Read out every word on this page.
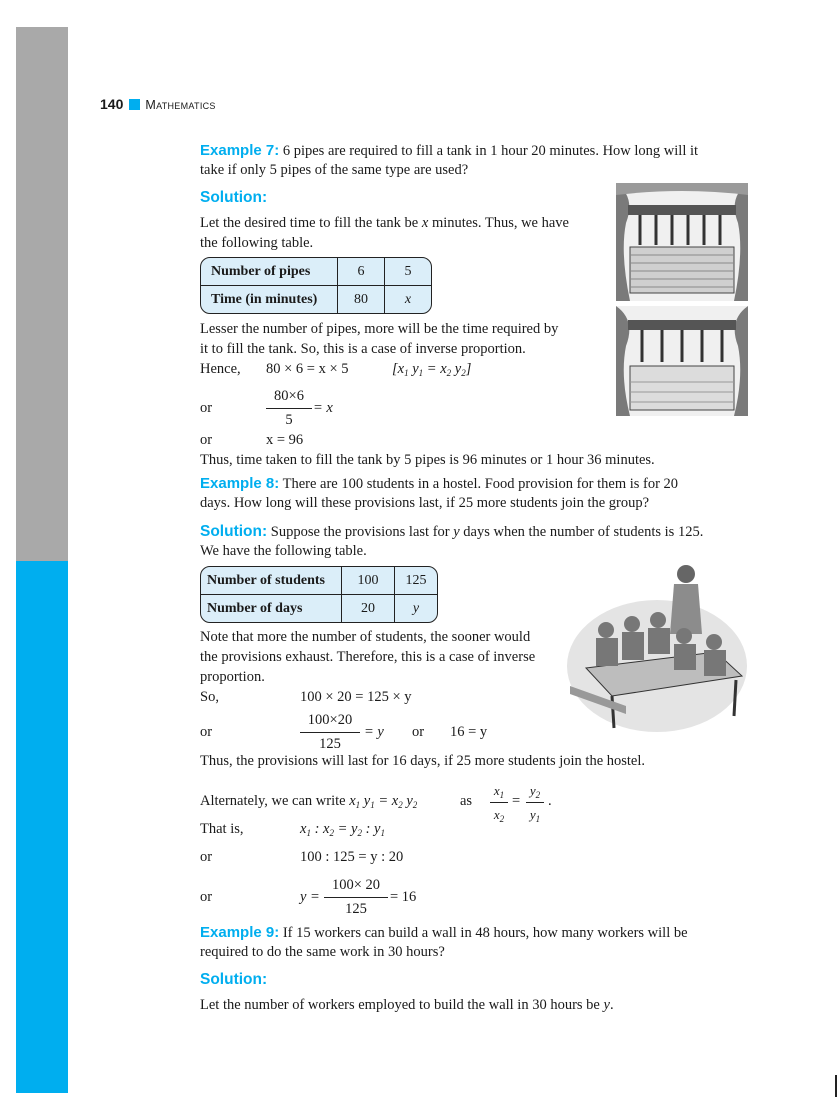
140 Mathematics
Example 7: 6 pipes are required to fill a tank in 1 hour 20 minutes. How long will it
take if only 5 pipes of the same type are used?
Solution:
Let the desired time to fill the tank be x minutes. Thus, we have
the following table.
Number of pipes	6	5
Time (in minutes)	80	x
Lesser the number of pipes, more will be the time required by
it to fill the tank. So, this is a case of inverse proportion.
Hence, 80 × 6 = x × 5	[$x_1$ $y_1 = x_2$ $y_2$]
or	$\frac{80\times 6}{5} = x$
or	x = 96
Thus, time taken to fill the tank by 5 pipes is 96 minutes or 1 hour 36 minutes.
Example 8: There are 100 students in a hostel. Food provision for them is for 20
days. How long will these provisions last, if 25 more students join the group?
Solution: Suppose the provisions last for y days when the number of students is 125.
We have the following table.
Number of students	100	125
Number of days	20	y
Note that more the number of students, the sooner would
the provisions exhaust. Therefore, this is a case of inverse
proportion.
So,	100 × 20 = 125 × y
or	$\frac{100\times 20}{125} = y$ or 16 = y
Thus, the provisions will last for 16 days, if 25 more students join the hostel.
Alternately, we can write $x_1$ $y_1 = x_2$ $y_2$	as $\frac{x_1}{x_2} = \frac{y_2}{y_1}$ .
That is,	$x_1$ : $x_2 = y_2$ : $y_1$
or	100 : 125 = y : 20
or	$y = \frac{100\times 20}{125} = 16$
Example 9: If 15 workers can build a wall in 48 hours, how many workers will be
required to do the same work in 30 hours?
Solution:
Let the number of workers employed to build the wall in 30 hours be y.
